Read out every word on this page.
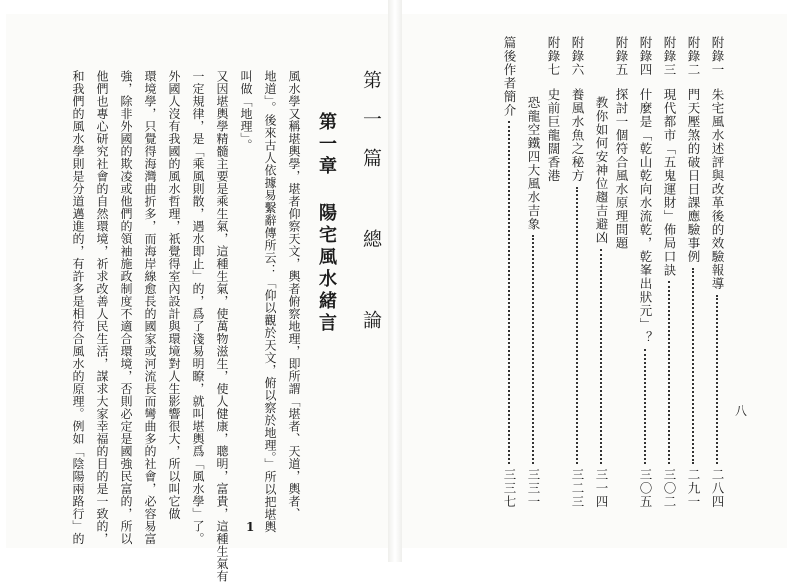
第一篇 總 論
第一章 陽宅風水緒言
風水學又稱堪輿學，堪者仰察天文，輿者俯察地理，即所謂「堪者、天道，輿者、
地道」。後來古人依據易繫辭傳所云：「仰以觀於天文，俯以察於地理。」所以把堪輿
叫做「地理」。
又因堪輿學精髓主要是乘生氣，這種生氣，使萬物滋生，使人健康，聰明，富貴，這種生氣有
一定規律，是「乘風則散，遇水即止」的，爲了淺易明瞭，就叫堪輿爲「風水學」了。
外國人沒有我國的風水哲理，祇覺得室內設計與環境對人生影響很大，所以叫它做
環境學，只覺得海灣曲折多，而海岸線愈長的國家或河流長而彎曲多的社會，必容易富
強，除非外國的欺凌或他們的領袖施政制度不適合環境，否則必定是國強民富的，所以
他們也專心研究社會的自然環境，祈求改善人民生活，謀求大家幸福的目的是一致的，
和我們的風水學則是分道邁進的，有許多是相符合風水的原理。例如「陰陽兩路行」的	1
附錄一
朱宅風水述評與改革後的效驗報導
二八四
附錄二
門天壓煞的破日日課應驗事例
二九一
附錄三
現代都市「五鬼運財」佈局口訣
三〇二
附錄四
什麼是「乾山乾向水流乾，乾峯出狀元」？
三〇五
附錄五
探討一個符合風水原理問題
教你如何安神位趨吉避凶
三一四
附錄六
養風水魚之秘方
三二三
附錄七
史前巨龍闊香港
恐龍空鐵四大風水吉象
三三一
篇後作者簡介
三三七
八
